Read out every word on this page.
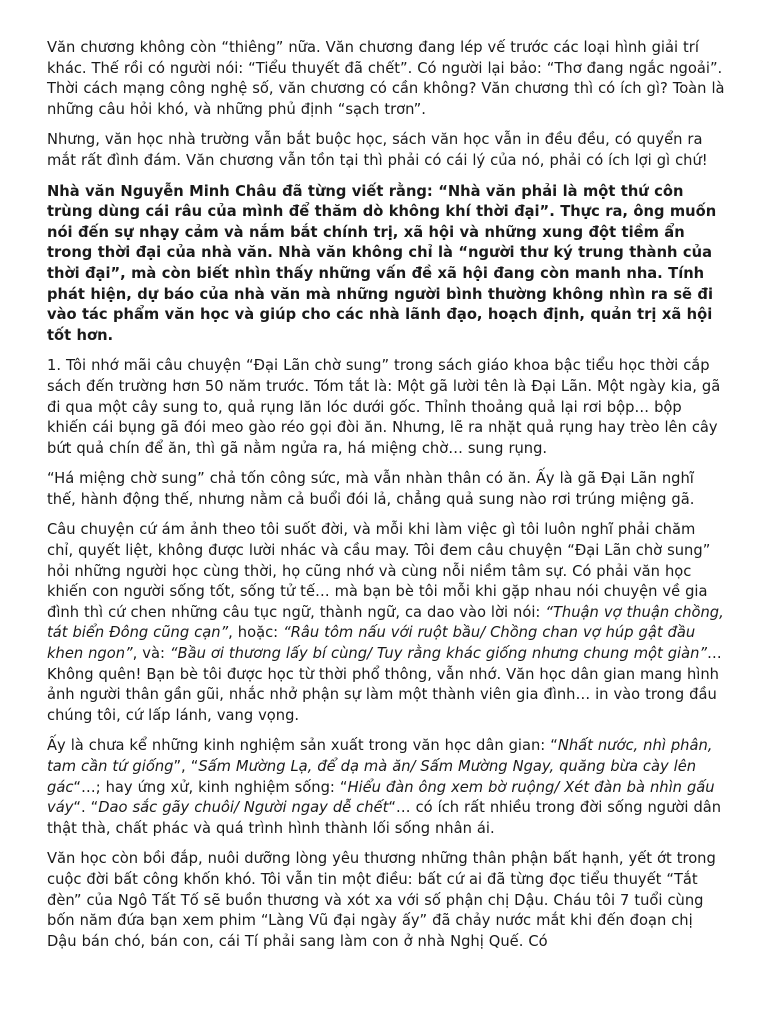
Văn chương không còn “thiêng” nữa. Văn chương đang lép vế trước các loại hình giải trí khác. Thế rồi có người nói: “Tiểu thuyết đã chết”. Có người lại bảo: “Thơ đang ngắc ngoải”. Thời cách mạng công nghệ số, văn chương có cần không? Văn chương thì có ích gì? Toàn là những câu hỏi khó, và những phủ định “sạch trơn”.

Nhưng, văn học nhà trường vẫn bắt buộc học, sách văn học vẫn in đều đều, có quyển ra mắt rất đình đám. Văn chương vẫn tồn tại thì phải có cái lý của nó, phải có ích lợi gì chứ!

Nhà văn Nguyễn Minh Châu đã từng viết rằng: “Nhà văn phải là một thứ côn trùng dùng cái râu của mình để thăm dò không khí thời đại”. Thực ra, ông muốn nói đến sự nhạy cảm và nắm bắt chính trị, xã hội và những xung đột tiềm ẩn trong thời đại của nhà văn. Nhà văn không chỉ là “người thư ký trung thành của thời đại”, mà còn biết nhìn thấy những vấn đề xã hội đang còn manh nha. Tính phát hiện, dự báo của nhà văn mà những người bình thường không nhìn ra sẽ đi vào tác phẩm văn học và giúp cho các nhà lãnh đạo, hoạch định, quản trị xã hội tốt hơn.

1. Tôi nhớ mãi câu chuyện “Đại Lãn chờ sung” trong sách giáo khoa bậc tiểu học thời cắp sách đến trường hơn 50 năm trước. Tóm tắt là: Một gã lười tên là Đại Lãn. Một ngày kia, gã đi qua một cây sung to, quả rụng lăn lóc dưới gốc. Thỉnh thoảng quả lại rơi bộp… bộp khiến cái bụng gã đói meo gào réo gọi đòi ăn. Nhưng, lẽ ra nhặt quả rụng hay trèo lên cây bứt quả chín để ăn, thì gã nằm ngửa ra, há miệng chờ… sung rụng.

“Há miệng chờ sung” chả tốn công sức, mà vẫn nhàn thân có ăn. Ấy là gã Đại Lãn nghĩ thế, hành động thế, nhưng nằm cả buổi đói lả, chẳng quả sung nào rơi trúng miệng gã.

Câu chuyện cứ ám ảnh theo tôi suốt đời, và mỗi khi làm việc gì tôi luôn nghĩ phải chăm chỉ, quyết liệt, không được lười nhác và cầu may. Tôi đem câu chuyện “Đại Lãn chờ sung” hỏi những người học cùng thời, họ cũng nhớ và cùng nỗi niềm tâm sự. Có phải văn học khiến con người sống tốt, sống tử tế… mà bạn bè tôi mỗi khi gặp nhau nói chuyện về gia đình thì cứ chen những câu tục ngữ, thành ngữ, ca dao vào lời nói: “Thuận vợ thuận chồng, tát biển Đông cũng cạn”, hoặc: “Râu tôm nấu với ruột bầu/ Chồng chan vợ húp gật đầu khen ngon”, và: “Bầu ơi thương lấy bí cùng/ Tuy rằng khác giống nhưng chung một giàn”… Không quên! Bạn bè tôi được học từ thời phổ thông, vẫn nhớ. Văn học dân gian mang hình ảnh người thân gần gũi, nhắc nhở phận sự làm một thành viên gia đình… in vào trong đầu chúng tôi, cứ lấp lánh, vang vọng.

Ấy là chưa kể những kinh nghiệm sản xuất trong văn học dân gian: “Nhất nước, nhì phân, tam cần tứ giống”, “Sấm Mường Lạ, để dạ mà ăn/ Sấm Mường Ngay, quăng bừa cày lên gác“…; hay ứng xử, kinh nghiệm sống: “Hiểu đàn ông xem bờ ruộng/ Xét đàn bà nhìn gấu váy“. “Dao sắc gãy chuôi/ Người ngay dễ chết“… có ích rất nhiều trong đời sống người dân thật thà, chất phác và quá trình hình thành lối sống nhân ái.

Văn học còn bồi đắp, nuôi dưỡng lòng yêu thương những thân phận bất hạnh, yết ớt trong cuộc đời bất công khốn khó. Tôi vẫn tin một điều: bất cứ ai đã từng đọc tiểu thuyết “Tắt đèn” của Ngô Tất Tố sẽ buồn thương và xót xa với số phận chị Dậu. Cháu tôi 7 tuổi cùng bốn năm đứa bạn xem phim “Làng Vũ đại ngày ấy” đã chảy nước mắt khi đến đoạn chị Dậu bán chó, bán con, cái Tí phải sang làm con ở nhà Nghị Quế. Có
